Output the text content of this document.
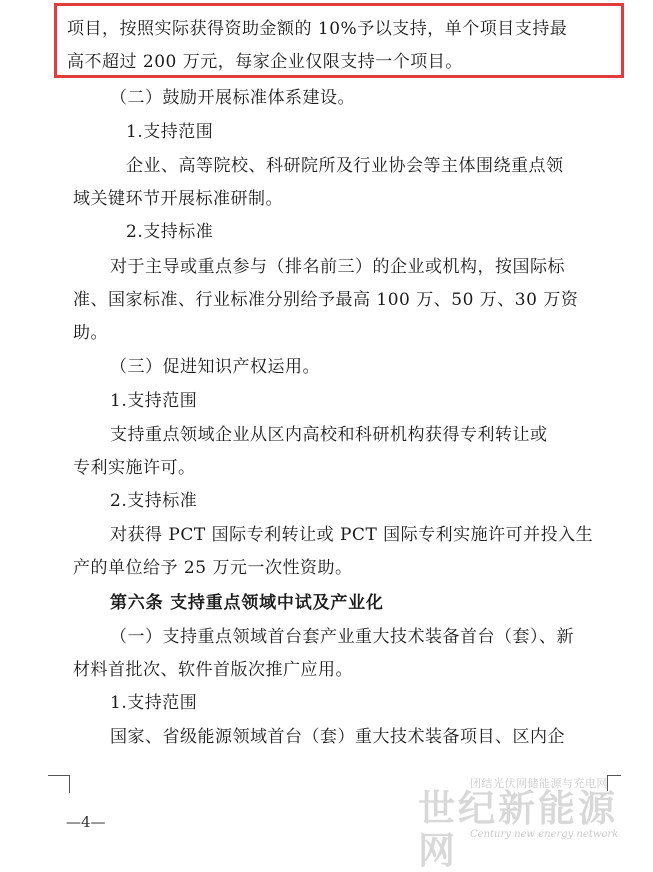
项目，按照实际获得资助金额的 10%予以支持，单个项目支持最
高不超过 200 万元，每家企业仅限支持一个项目。
（二）鼓励开展标准体系建设。
1.支持范围
企业、高等院校、科研院所及行业协会等主体围绕重点领
域关键环节开展标准研制。
2.支持标准
对于主导或重点参与（排名前三）的企业或机构，按国际标
准、国家标准、行业标准分别给予最高 100 万、50 万、30 万资
助。
（三）促进知识产权运用。
1.支持范围
支持重点领域企业从区内高校和科研机构获得专利转让或
专利实施许可。
2.支持标准
对获得 PCT 国际专利转让或 PCT 国际专利实施许可并投入生
产的单位给予 25 万元一次性资助。
第六条 支持重点领域中试及产业化
（一）支持重点领域首台套产业重大技术装备首台（套）、新
材料首批次、软件首版次推广应用。
1.支持范围
国家、省级能源领域首台（套）重大技术装备项目、区内企
—4—
团结光伏网储能源与充电网
世纪新能源网	Century new energy network
